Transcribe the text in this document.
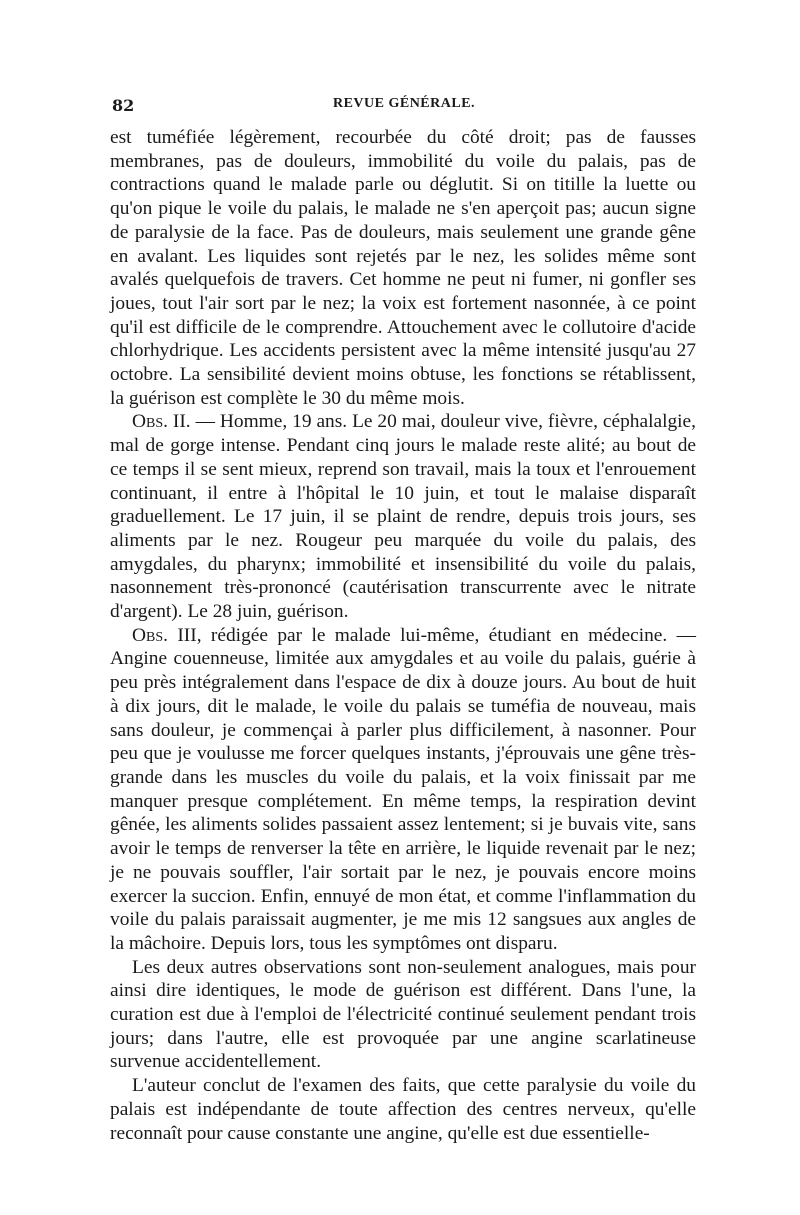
82	REVUE GÉNÉRALE.

est tuméfiée légèrement, recourbée du côté droit; pas de fausses membranes, pas de douleurs, immobilité du voile du palais, pas de contractions quand le malade parle ou déglutit. Si on titille la luette ou qu'on pique le voile du palais, le malade ne s'en aperçoit pas; aucun signe de paralysie de la face. Pas de douleurs, mais seulement une grande gêne en avalant. Les liquides sont rejetés par le nez, les solides même sont avalés quelquefois de travers. Cet homme ne peut ni fumer, ni gonfler ses joues, tout l'air sort par le nez; la voix est fortement nasonnée, à ce point qu'il est difficile de le comprendre. Attouchement avec le collutoire d'acide chlorhydrique. Les accidents persistent avec la même intensité jusqu'au 27 octobre. La sensibilité devient moins obtuse, les fonctions se rétablissent, la guérison est complète le 30 du même mois.

Obs. II. — Homme, 19 ans. Le 20 mai, douleur vive, fièvre, céphalalgie, mal de gorge intense. Pendant cinq jours le malade reste alité; au bout de ce temps il se sent mieux, reprend son travail, mais la toux et l'enrouement continuant, il entre à l'hôpital le 10 juin, et tout le malaise disparaît graduellement. Le 17 juin, il se plaint de rendre, depuis trois jours, ses aliments par le nez. Rougeur peu marquée du voile du palais, des amygdales, du pharynx; immobilité et insensibilité du voile du palais, nasonnement très-prononcé (cautérisation transcurrente avec le nitrate d'argent). Le 28 juin, guérison.

Obs. III, rédigée par le malade lui-même, étudiant en médecine. — Angine couenneuse, limitée aux amygdales et au voile du palais, guérie à peu près intégralement dans l'espace de dix à douze jours. Au bout de huit à dix jours, dit le malade, le voile du palais se tuméfia de nouveau, mais sans douleur, je commençai à parler plus difficilement, à nasonner. Pour peu que je voulusse me forcer quelques instants, j'éprouvais une gêne très-grande dans les muscles du voile du palais, et la voix finissait par me manquer presque complétement. En même temps, la respiration devint gênée, les aliments solides passaient assez lentement; si je buvais vite, sans avoir le temps de renverser la tête en arrière, le liquide revenait par le nez; je ne pouvais souffler, l'air sortait par le nez, je pouvais encore moins exercer la succion. Enfin, ennuyé de mon état, et comme l'inflammation du voile du palais paraissait augmenter, je me mis 12 sangsues aux angles de la mâchoire. Depuis lors, tous les symptômes ont disparu.

Les deux autres observations sont non-seulement analogues, mais pour ainsi dire identiques, le mode de guérison est différent. Dans l'une, la curation est due à l'emploi de l'électricité continué seulement pendant trois jours; dans l'autre, elle est provoquée par une angine scarlatineuse survenue accidentellement.

L'auteur conclut de l'examen des faits, que cette paralysie du voile du palais est indépendante de toute affection des centres nerveux, qu'elle reconnaît pour cause constante une angine, qu'elle est due essentielle-
